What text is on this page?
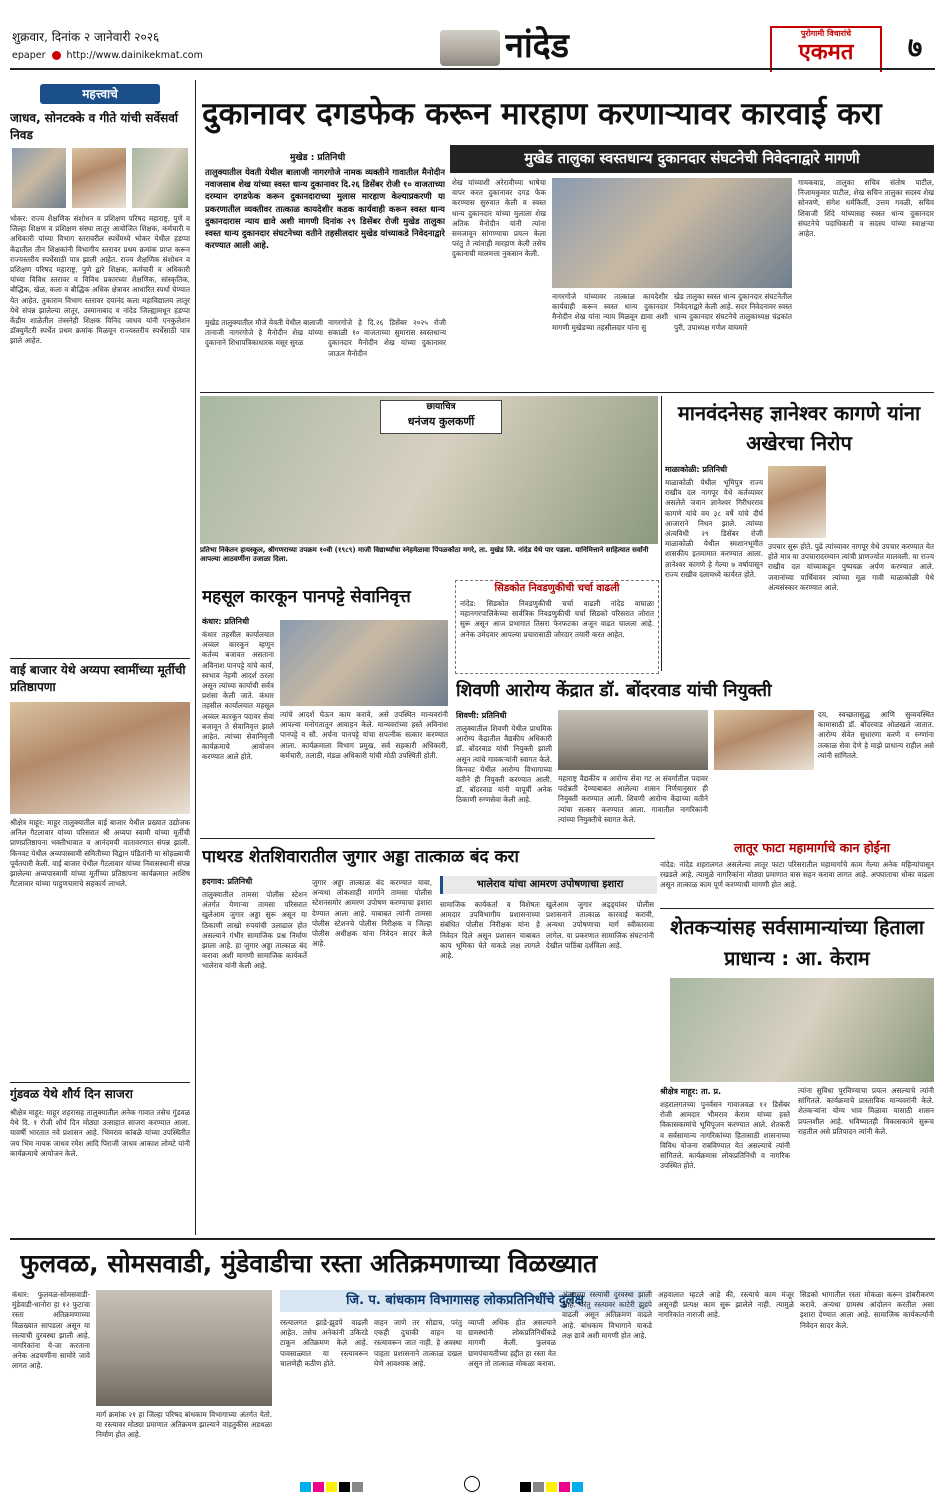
शुक्रवार, दिनांक २ जानेवारी २०२६
epaper http://www.dainikekmat.com	नांदेड	पुरोगामी विचारांचे
एकमत	७
महत्त्वाचे
जाधव, सोनटक्के व गीते यांची सर्वेसर्वा निवड
भोकर: राज्य शैक्षणिक संशोधन व प्रशिक्षण परिषद महाराष्ट्र, पुणे व जिल्हा शिक्षण व प्रशिक्षण संस्था लातूर आयोजित शिक्षक, कर्मचारी व अधिकारी यांच्या विभाग स्तरावरील स्पर्धेमध्ये भोकर येथील हडप्पा केंद्रातील तीन शिक्षकांनी विभागीय स्तरावर प्रथम क्रमांक प्राप्त करून राज्यस्तरीय स्पर्धेसाठी पात्र झाली आहेत. राज्य शैक्षणिक संशोधन व प्रशिक्षण परिषद महाराष्ट्र, पुणे द्वारे शिक्षक, कर्मचारी व अधिकारी यांच्या विविध स्तरावर व विविध प्रकारच्या शैक्षणिक, सांस्कृतिक, बौद्धिक, खेळ, कला व बौद्धिक अधिक क्षेत्रावर आधारित स्पर्धा घेण्यात येत आहेत. तुकाराम विभाग स्तरावर दयानंद कला महाविद्यालय लातूर येथे संपन्न झालेल्या लातूर, उस्मानाबाद व नांदेड जिल्ह्यामधून हडप्पा केंद्रीय शाळेतील तंत्रस्नेही शिक्षक विनिद जाधव यांनी एनकुलेशन डॉक्युमेंटरी स्पर्धेत प्रथम क्रमांक मिळवून राज्यस्तरीय स्पर्धेसाठी पात्र झाले आहेत.
वाई बाजार येथे अय्यपा स्वामींच्या मूर्तीची प्रतिष्ठापणा
श्रीक्षेत्र माहूर: माहूर तालुक्यातील वाई बाजार येथील प्रख्यात उद्योजक अनिल गैटलावार यांच्या परिसरात श्री अय्यपा स्वामी यांच्या मूर्तीची प्राणप्रतिष्ठापना भक्तीभावात व आनंदमयी वातावरणात संपन्न झाली. किनवट येथील अय्यपास्वामी समितीच्या विद्वान पंडितांनी या सोहळ्याची पूर्वतयारी केली. वाई बाजार येथील गैटलावार यांच्या निवासस्थानी संपन्न झालेल्या अय्यपास्वामी यांच्या मूर्तीच्या प्रतिष्ठापना कार्यक्रमात आशिष गैटलावार यांच्या पाहुणचाराचे सहकार्य लाभले.
गुंडवळ येथे शौर्य दिन साजरा
श्रीक्षेत्र माहूर: माहूर शहरासह तालुक्यातील अनेक गावात तसेच गुंडवळ येथे दि. १ रोजी शौर्य दिन मोठ्या उत्साहात साजरा करण्यात आला. यावर्षी भारतात नवे प्रशासन आहे. भिमराव कांबळे यांच्या उपस्थितीत जय भिम नायक जाधव रमेश आदि पिराजी जाधव आकाश लोमटे यांनी कार्यक्रमाचे आयोजन केले.
दुकानावर दगडफेक करून मारहाण करणाऱ्यावर कारवाई करा
मुखेड तालुका स्वस्तधान्य दुकानदार संघटनेची निवेदनाद्वारे मागणी
मुखेड : प्रतिनिधी
तालुक्यातील येवती येथील बालाजी नागरगोजे नामक व्यक्तीने गावातील मैनोदीन नवाजसाब शेख यांच्या स्वस्त धान्य दुकानावर दि.२६ डिसेंबर रोजी १० वाजताच्या दरम्यान दगडफेक करून दुकानदाराच्या मुलास मारहाण केल्याप्रकरणी या प्रकरणातील व्यक्तीवर तात्काळ कायदेशीर कडक कार्यवाही करून स्वस्त धान्य दुकानदारास न्याय द्यावे अशी मागणी दिनांक २९ डिसेंबर रोजी मुखेड तालुका स्वस्त धान्य दुकानदार संघटनेच्या वतीने तहसीलदार मुखेड यांच्याकडे निवेदनाद्वारे करण्यात आली आहे.
मुखेड तालुक्यातील मौजे येवती येथील बालाजी तानाजी नागरगोजे हे मैनोदीन शेख यांच्या दुकानाने शिधापत्रिकाधारक मसूर सुरळ
नागरगोजे हे दि.२६ डिसेंबर २०२५ रोजी सकाळी १० वाजताच्या सुमारास स्वस्तधान्य दुकानदार मैनोदीन शेख यांच्या दुकानावर जाऊन मैनोदीन
शेख यांच्याशी अरेरावीच्या भाषेचा वापर करत दुकानावर दगड फेक करण्यास सुरुवात केली व स्वस्त धान्य दुकानदार यांच्या मुलाला शेख अतिक मैनोदीन यांनी त्यांना समजावून सांगण्याचा प्रयत्न केला परंतु ते त्यांनाही मारहाण केली तसेच दुकानाची मालमत्ता नुकसान केली.
नागरगोजे यांच्यावर तात्काळ कायदेशीर कार्यवाही करून स्वस्त धान्य दुकानदार मैनोदीन शेख यांना न्याय मिळवून द्यावा अशी मागणी मुखेडच्या तहसीलदार यांना सु
खेड तालुका स्वस्त धान्य दुकानदार संघटनेतील निवेदनाद्वारे केली आहे. सदर निवेदनावर स्वस्त धान्य दुकानदार संघटनेचे तालुकाध्यक्ष चंद्रकांत पुरी, उपाध्यक्ष गणेश वाघमारे
गायकवाड, तालुका सचिव संतोष पाटील, निजामकुमार पाटील, शेख सचिन तालुका सदस्य शेख सोनवणे, संगेश धर्मकिर्ती, उत्तम गवळी, सचिव शिवाजी शिंदे यांच्यासह स्वस्त धान्य दुकानदार संघटनेचे पदाधिकारी व सदस्य यांच्या स्वाक्षऱ्या आहेत.
छायाचित्र
धनंजय कुलकर्णी
प्रतिभा निकेतन हायस्कूल, श्रीगणराच्या उपक्रम १०वी (१९८९) माजी विद्यार्थ्यांचा स्नेहमेळावा पिंपळकौठा मगरे, ता. मुखेड जि. नांदेड येथे पार पडला. यानिमित्ताने साहित्यात सर्वांनी आपल्या आठवणींना उजाळा दिला.
मानवंदनेसह ज्ञानेश्वर कागणे यांना अखेरचा निरोप
माळाकोळी: प्रतिनिधी
माळाकोळी येथील भूमिपुत्र राज्य राखीव दल नागपूर येथे कर्तव्यावर असलेले जवान ज्ञानेश्वर गिरीधरराव कागणे यांचे वय ३८ वर्षे यांचे दीर्घ आजाराने निधन झाले. त्यांच्या अंत्यविधी २९ डिसेंबर रोजी माळाकोळी येथील स्मशानभूमीत शासकीय इतमामात करण्यात आला. ज्ञानेश्वर कागणे हे गेल्या ७ वर्षापासून राज्य राखीव दलामध्ये कार्यरत होते.
उपचार सुरू होते. पुढे त्यांच्यावर नागपूर येथे उपचार करण्यात येत होते मात्र या उपचारादरम्यान त्यांची प्राणज्योत मालवली. या राज्य राखीव दल यांच्याकडून पुष्पचक्र अर्पण करण्यात आले. जवानांच्या पार्थिवावर त्यांच्या मूळ गावी माळाकोळी येथे अंत्यसंस्कार करण्यात आले.
सिडकोत निवडणुकीची चर्चा वाढली
नांदेड: सिडकोत निवडणुकीची चर्चा वाढली नांदेड वाघाळा महानगरपालिकेच्या सार्वत्रिक निवडणुकीची चर्चा सिडको परिसरात जोरात सुरू असून आज प्रभागात तिसरा फेरफटका अजून वाढत चालला आहे. अनेक उमेदवार आपल्या प्रचारासाठी जोरदार तयारी करत आहेत.
महसूल कारकून पानपट्टे सेवानिवृत्त
कंधार: प्रतिनिधी
कंधार तहसील कार्यालयात अव्वल कारकून म्हणून कर्तव्य बजावत असताना अविनाश पानपट्टे यांचे कार्य, स्वभाव नेहमी आदर्श ठरला असून त्यांच्या कार्याची सर्वत्र प्रशंसा केली जाते. कंधार तहसील कार्यालयात महसूल अव्वल कारकून पदावर सेवा बजावून ते सेवानिवृत्त झाले आहेत. त्यांच्या सेवानिवृत्ती कार्यक्रमाचे आयोजन करण्यात आले होते.
त्यांचे आदर्श घेऊन काम करावे, असे उपस्थित मान्यवरांनी आपल्या मनोगतातून आवाहन केले. मान्यवरांच्या हस्ते अविनाश पानपट्टे व सौ. अर्चना पानपट्टे यांचा सपत्नीक सत्कार करण्यात आला. कार्यक्रमाला विभाग प्रमुख, सर्व सहकारी अधिकारी, कर्मचारी, तलाठी, मंडळ अधिकारी यांची मोठी उपस्थिती होती.
शिवणी आरोग्य केंद्रात डॉ. बोंदरवाड यांची नियुक्ती
शिवणी: प्रतिनिधी
तालुक्यातील शिवणी येथील प्राथमिक आरोग्य केंद्रातील वैद्यकीय अधिकारी डॉ. बोंदरवाड यांची नियुक्ती झाली असून त्यांचे गावकऱ्यांनी स्वागत केले. किनवट येथील आरोग्य विभागाच्या वतीने ही नियुक्ती करण्यात आली. डॉ. बोंदरवाड यांनी यापूर्वी अनेक ठिकाणी रुग्णसेवा केली आहे.
महाराष्ट्र वैद्यकीय व आरोग्य सेवा गट अ संवर्गातील पदावर पदोन्नती देण्याबाबत आलेल्या शासन निर्णयानुसार ही नियुक्ती करण्यात आली. शिवणी आरोग्य केंद्राच्या वतीने त्यांचा सत्कार करण्यात आला. गावातील नागरिकांनी त्यांच्या नियुक्तीचे स्वागत केले.
दय, स्वच्छतासुद्ध आणि सुव्यवस्थित कामासाठी डॉ. बोंदरवाड ओळखले जातात. आरोग्य सेवेत सुधारणा करणे व रुग्णांना तत्काळ सेवा देणे हे माझे प्राधान्य राहील असे त्यांनी सांगितले.
लातूर फाटा महामार्गाचे कान होईना
नांदेड: नांदेड शहरालगत असलेल्या लातूर फाटा परिसरातील महामार्गाचे काम गेल्या अनेक महिन्यांपासून रखडले आहे. त्यामुळे नागरिकांना मोठ्या प्रमाणात त्रास सहन करावा लागत आहे. अपघाताचा धोका वाढला असून तात्काळ काम पूर्ण करण्याची मागणी होत आहे.
पाथरड शेतशिवारातील जुगार अड्डा तात्काळ बंद करा
भालेराव यांचा आमरण उपोषणाचा इशारा
हदगाव: प्रतिनिधी
तालुक्यातील तामसा पोलीस स्टेशन अंतर्गत येणाऱ्या तामसा परिसरात खुलेआम जुगार अड्डा सुरू असून या ठिकाणी लाखो रुपयांची उलाढाल होत असल्याने गंभीर सामाजिक प्रश्न निर्माण झाला आहे. हा जुगार अड्डा तात्काळ बंद करावा अशी मागणी सामाजिक कार्यकर्ते भालेराव यांनी केली आहे.
जुगार अड्डा तात्काळ बंद करण्यात यावा, अन्यथा लोकशाही मार्गाने तामसा पोलीस स्टेशनसमोर आमरण उपोषण करण्याचा इशारा देण्यात आला आहे. याबाबत त्यांनी तामसा पोलीस स्टेशनचे पोलीस निरीक्षक व जिल्हा पोलीस अधीक्षक यांना निवेदन सादर केले आहे.
सामाजिक कार्यकर्ता व विशेषतः आमदार उपविभागीय प्रशासनाच्या संबंधित पोलीस निरीक्षक यांना हे निवेदन दिले असून प्रशासन याबाबत काय भूमिका घेते याकडे लक्ष लागले आहे.
खुलेआम जुगार अड्ड्यांवर पोलीस प्रशासनाने तात्काळ कारवाई करावी, अन्यथा उपोषणाचा मार्ग स्वीकारावा लागेल. या प्रकरणात सामाजिक संघटनांनी देखील पाठिंबा दर्शविला आहे.
शेतकऱ्यांसह सर्वसामान्यांच्या हिताला प्राधान्य : आ. केराम
श्रीक्षेत्र माहूर: ता. प्र.
शहरालगतच्या पुनर्वसन गावाजवळ १२ डिसेंबर रोजी आमदार भीमराव केराम यांच्या हस्ते विकासकामांचे भूमिपूजन करण्यात आले. शेतकरी व सर्वसामान्य नागरिकांच्या हितासाठी शासनाच्या विविध योजना राबविण्यात येत असल्याचे त्यांनी सांगितले. कार्यक्रमास लोकप्रतिनिधी व नागरिक उपस्थित होते.
त्यांना सुविधा पुरविण्याचा प्रयत्न असल्याचे त्यांनी सांगितले. कार्यक्रमाचे प्रास्ताविक मान्यवरांनी केले. शेतकऱ्यांना योग्य भाव मिळावा यासाठी शासन प्रयत्नशील आहे. भविष्यातही विकासकामे सुरूच राहतील असे प्रतिपादन त्यांनी केले.
फुलवळ, सोमसवाडी, मुंडेवाडीचा रस्ता अतिक्रमणाच्या विळख्यात
जि. प. बांधकाम विभागासह लोकप्रतिनिधींचे दुर्लक्ष
कंधार: फुलवळ-सोमसवाडी-मुंडेवाडी-धानोरा हा १२ फुटाचा रस्ता अतिक्रमणाच्या विळख्यात सापडला असून या रस्त्याची दुरवस्था झाली आहे. नागरिकांना ये-जा करताना अनेक अडचणींना सामोरे जावे लागत आहे.
मार्ग क्रमांक २१ हा जिल्हा परिषद बांधकाम विभागाच्या अंतर्गत येतो. या रस्त्यावर मोठ्या प्रमाणात अतिक्रमण झाल्याने वाहतुकीस अडथळा निर्माण होत आहे.
रस्त्यालगत झाडे-झुडपे वाढली आहेत. तसेच अनेकांनी उकिरडे टाकून अतिक्रमण केले आहे. पावसाळ्यात या रस्त्यावरून चालणेही कठीण होते.
वाहन जाणे तर सोडाच, परंतु एकही दुचाकी वाहन या रस्त्यावरून जात नाही. हे अवस्था पाहता प्रशासनाने तात्काळ दखल घेणे आवश्यक आहे.
व्याप्ती अधिक होत असल्याने ग्रामस्थांनी लोकप्रतिनिधींकडे मागणी केली. फुलवळ ग्रामपंचायतीच्या हद्दीत हा रस्ता येत असून तो तात्काळ मोकळा करावा.
अंतराच्या रस्त्याची दुरवस्था झाली आहे. परंतु रस्त्यावर काटेरी झुडपे वाढली असून अतिक्रमण वाढले आहे. बांधकाम विभागाने याकडे लक्ष द्यावे अशी मागणी होत आहे.
अहवालात म्हटले आहे की, रस्त्याचे काम मंजूर असूनही प्रत्यक्ष काम सुरू झालेले नाही. त्यामुळे नागरिकांत नाराजी आहे.
सिडको भागातील रस्ता मोकळा करून डांबरीकरण करावे. अन्यथा ग्रामस्थ आंदोलन करतील असा इशारा देण्यात आला आहे. सामाजिक कार्यकर्त्यांनी निवेदन सादर केले.
